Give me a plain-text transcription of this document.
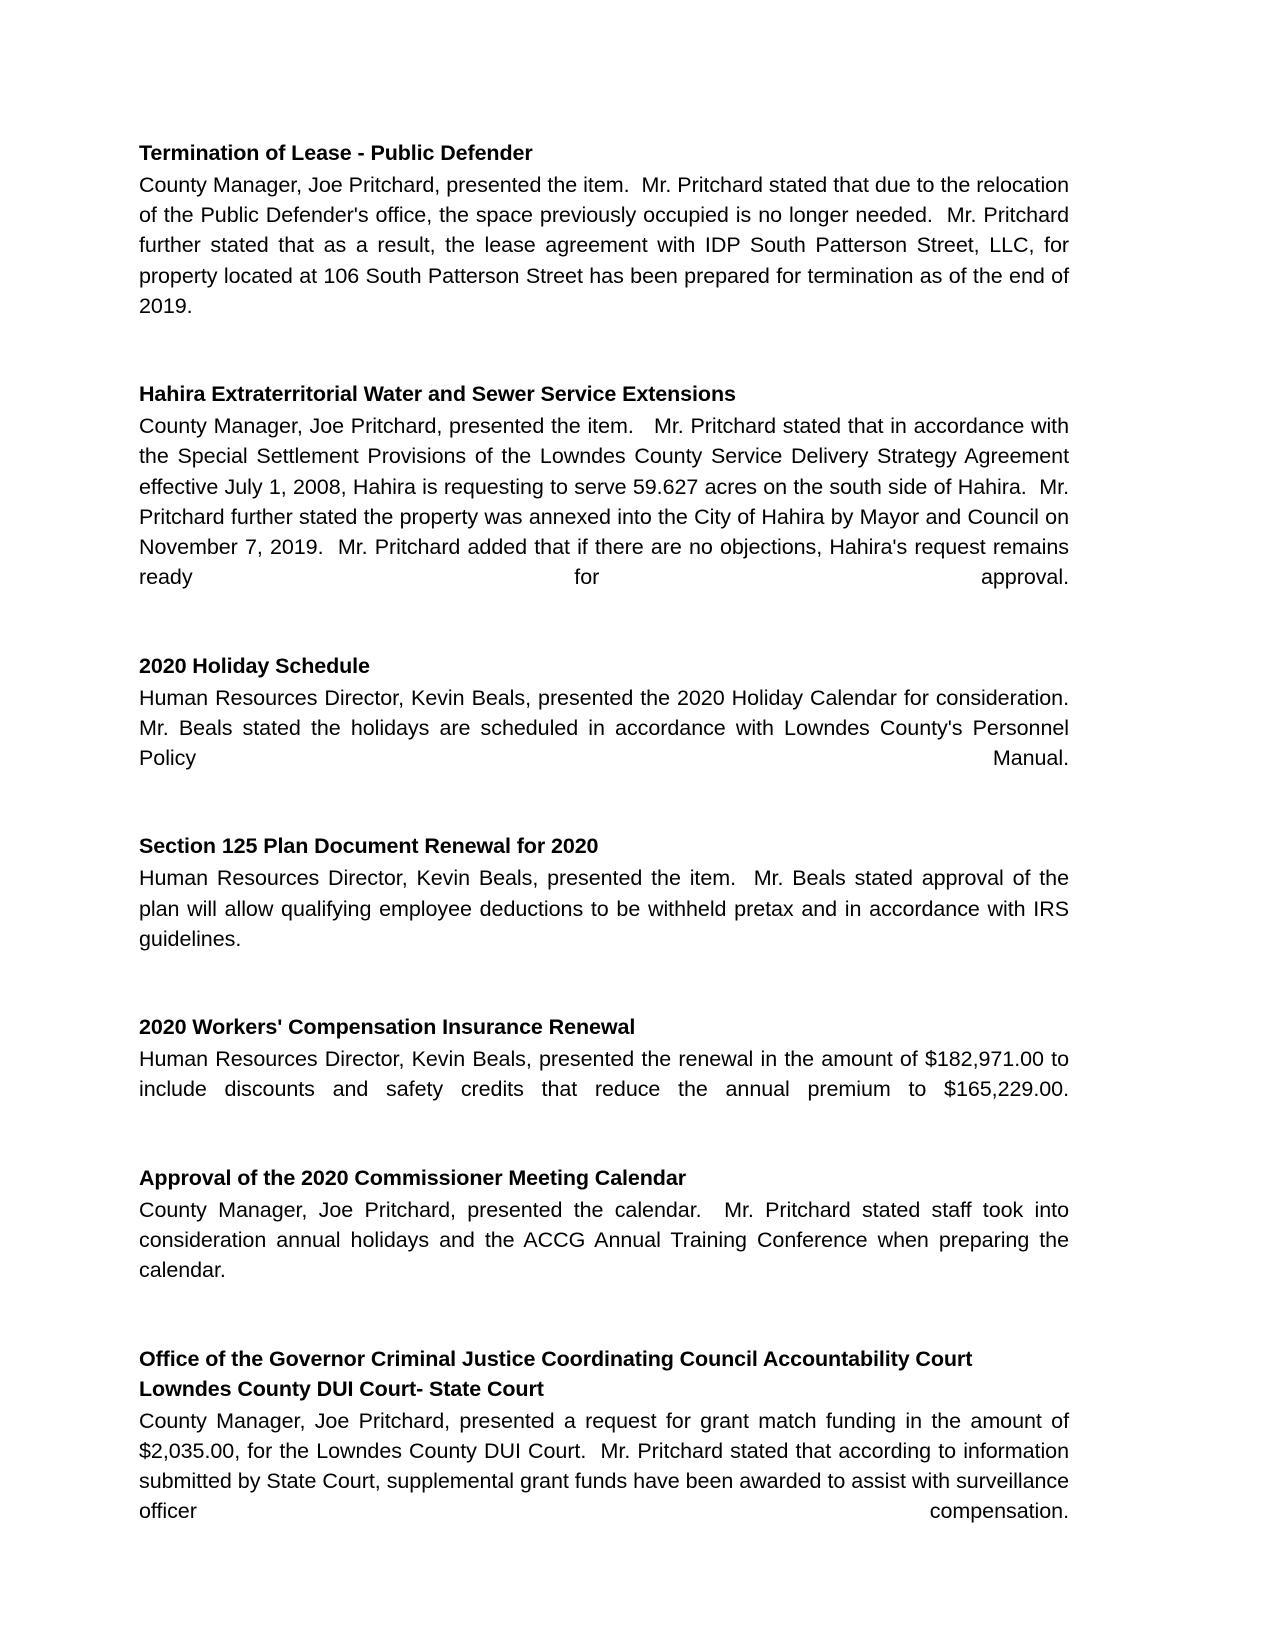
Termination of Lease - Public Defender

County Manager, Joe Pritchard, presented the item.  Mr. Pritchard stated that due to the relocation of the Public Defender's office, the space previously occupied is no longer needed.  Mr. Pritchard further stated that as a result, the lease agreement with IDP South Patterson Street, LLC, for property located at 106 South Patterson Street has been prepared for termination as of the end of 2019.

Hahira Extraterritorial Water and Sewer Service Extensions

County Manager, Joe Pritchard, presented the item.   Mr. Pritchard stated that in accordance with the Special Settlement Provisions of the Lowndes County Service Delivery Strategy Agreement effective July 1, 2008, Hahira is requesting to serve 59.627 acres on the south side of Hahira.  Mr. Pritchard further stated the property was annexed into the City of Hahira by Mayor and Council on November 7, 2019.  Mr. Pritchard added that if there are no objections, Hahira's request remains ready for approval.

2020 Holiday Schedule

Human Resources Director, Kevin Beals, presented the 2020 Holiday Calendar for consideration.  Mr. Beals stated the holidays are scheduled in accordance with Lowndes County's Personnel Policy Manual.

Section 125 Plan Document Renewal for 2020

Human Resources Director, Kevin Beals, presented the item.  Mr. Beals stated approval of the plan will allow qualifying employee deductions to be withheld pretax and in accordance with IRS guidelines.

2020 Workers' Compensation Insurance Renewal

Human Resources Director, Kevin Beals, presented the renewal in the amount of $182,971.00 to include discounts and safety credits that reduce the annual premium to $165,229.00.

Approval of the 2020 Commissioner Meeting Calendar

County Manager, Joe Pritchard, presented the calendar.  Mr. Pritchard stated staff took into consideration annual holidays and the ACCG Annual Training Conference when preparing the calendar.

Office of the Governor Criminal Justice Coordinating Council Accountability Court Lowndes County DUI Court- State Court

County Manager, Joe Pritchard, presented a request for grant match funding in the amount of $2,035.00, for the Lowndes County DUI Court.  Mr. Pritchard stated that according to information submitted by State Court, supplemental grant funds have been awarded to assist with surveillance officer compensation.
